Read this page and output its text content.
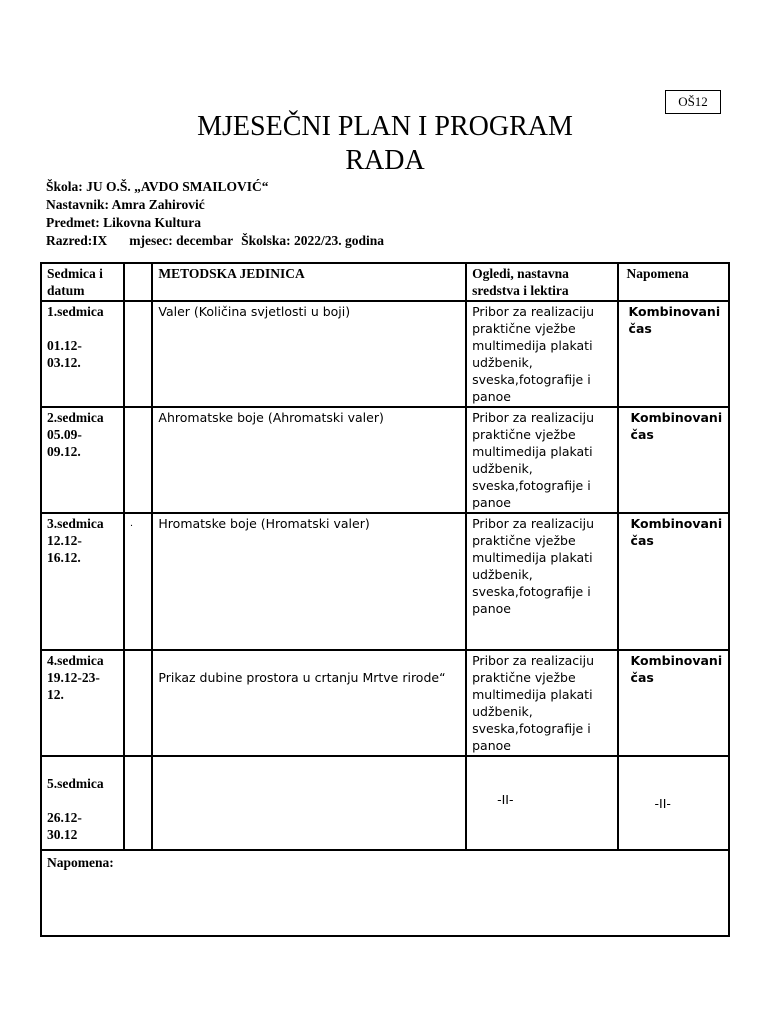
OŠ12
MJESEČNI PLAN I PROGRAM
RADA
Škola: JU O.Š. „AVDO SMAILOVIĆ“
Nastavnik: Amra Zahirović
Predmet: Likovna Kultura
Razred:IX mjesec: decembar Školska: 2022/23. godina
Sedmica i datum		METODSKA JEDINICA	Ogledi, nastavna sredstva i lektira	Napomena

1.sedmica
01.12-
03.12.		Valer (Količina svjetlosti u boji)	Pribor za realizaciju praktične vježbe multimedija plakati udžbenik, sveska,fotografije i panoe	Kombinovani čas

2.sedmica
05.09-
09.12.		Ahromatske boje (Ahromatski valer)	Pribor za realizaciju praktične vježbe multimedija plakati udžbenik, sveska,fotografije i panoe	Kombinovani čas

3.sedmica
12.12-
16.12.	.	Hromatske boje (Hromatski valer)	Pribor za realizaciju praktične vježbe multimedija plakati udžbenik, sveska,fotografije i panoe	Kombinovani čas

4.sedmica
19.12-23-
12.		Prikaz dubine prostora u crtanju Mrtve rirode“	Pribor za realizaciju praktične vježbe multimedija plakati udžbenik, sveska,fotografije i panoe	Kombinovani čas

5.sedmica
26.12-
30.12			-II-	-II-
Napomena:				
